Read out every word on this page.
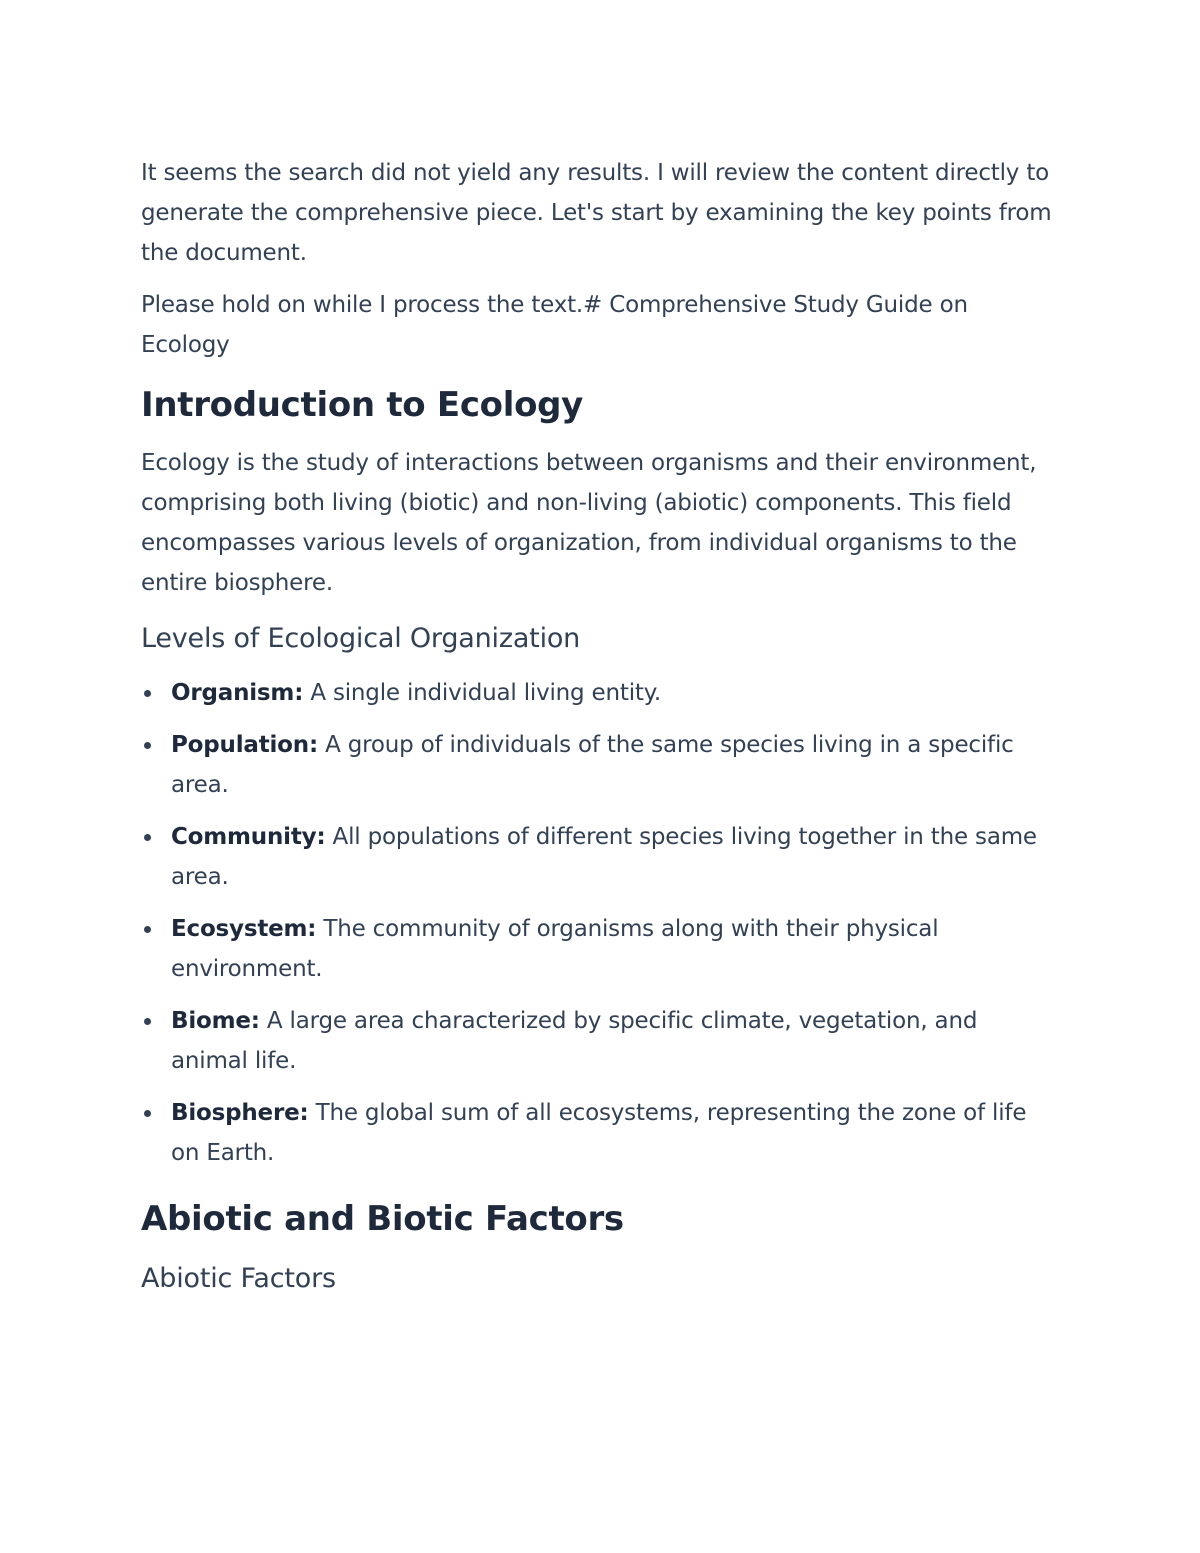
It seems the search did not yield any results. I will review the content directly to generate the comprehensive piece. Let's start by examining the key points from the document.

Please hold on while I process the text.# Comprehensive Study Guide on Ecology

Introduction to Ecology

Ecology is the study of interactions between organisms and their environment, comprising both living (biotic) and non-living (abiotic) components. This field encompasses various levels of organization, from individual organisms to the entire biosphere.

Levels of Ecological Organization
Organism: A single individual living entity.
Population: A group of individuals of the same species living in a specific area.
Community: All populations of different species living together in the same area.
Ecosystem: The community of organisms along with their physical environment.
Biome: A large area characterized by specific climate, vegetation, and animal life.
Biosphere: The global sum of all ecosystems, representing the zone of life on Earth.
Abiotic and Biotic Factors
Abiotic Factors
